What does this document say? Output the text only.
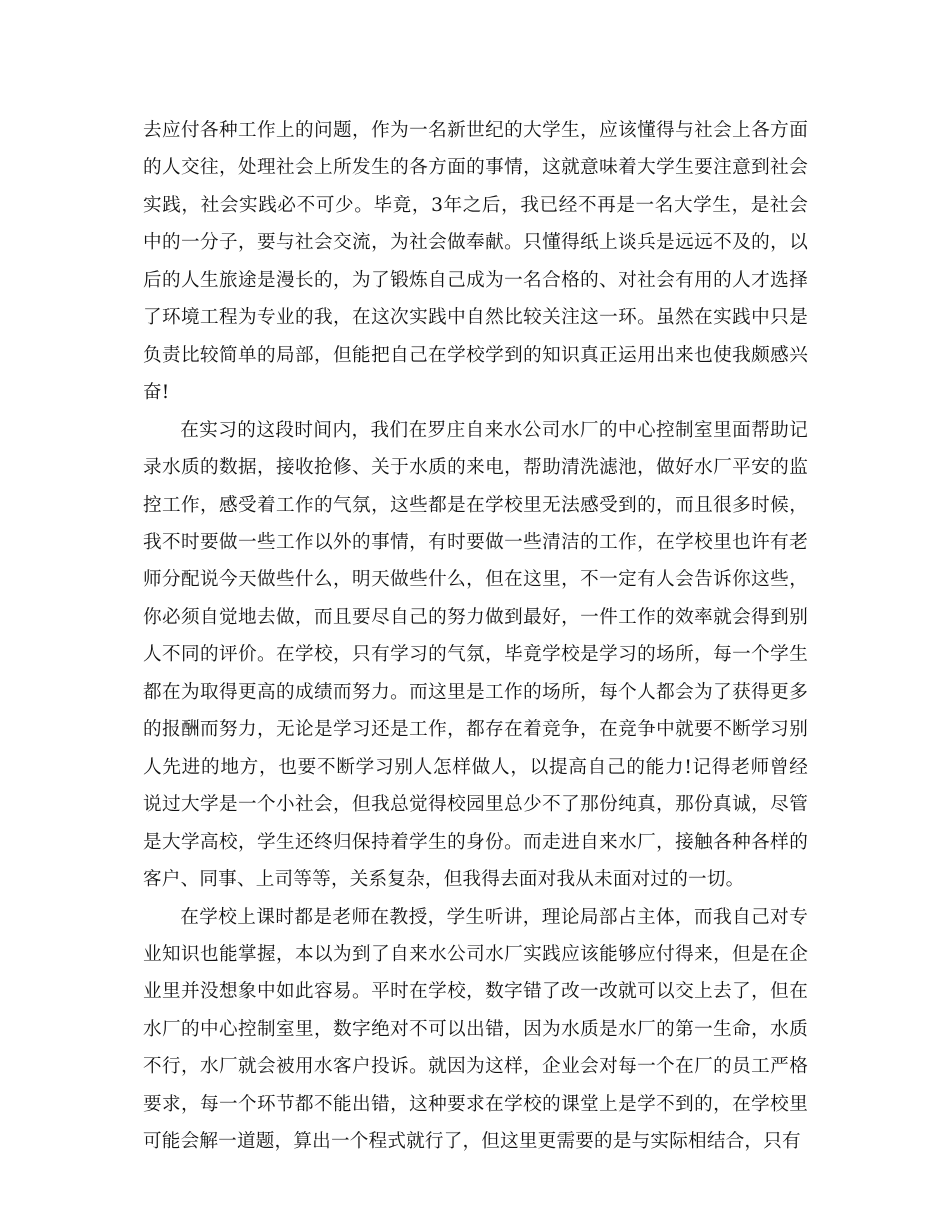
去应付各种工作上的问题，作为一名新世纪的大学生，应该懂得与社会上各方面的人交往，处理社会上所发生的各方面的事情，这就意味着大学生要注意到社会实践，社会实践必不可少。毕竟，3年之后，我已经不再是一名大学生，是社会中的一分子，要与社会交流，为社会做奉献。只懂得纸上谈兵是远远不及的，以后的人生旅途是漫长的，为了锻炼自己成为一名合格的、对社会有用的人才选择了环境工程为专业的我，在这次实践中自然比较关注这一环。虽然在实践中只是负责比较简单的局部，但能把自己在学校学到的知识真正运用出来也使我颇感兴奋!

在实习的这段时间内，我们在罗庄自来水公司水厂的中心控制室里面帮助记录水质的数据，接收抢修、关于水质的来电，帮助清洗滤池，做好水厂平安的监控工作，感受着工作的气氛，这些都是在学校里无法感受到的，而且很多时候，我不时要做一些工作以外的事情，有时要做一些清洁的工作，在学校里也许有老师分配说今天做些什么，明天做些什么，但在这里，不一定有人会告诉你这些，你必须自觉地去做，而且要尽自己的努力做到最好，一件工作的效率就会得到别人不同的评价。在学校，只有学习的气氛，毕竟学校是学习的场所，每一个学生都在为取得更高的成绩而努力。而这里是工作的场所，每个人都会为了获得更多的报酬而努力，无论是学习还是工作，都存在着竞争，在竞争中就要不断学习别人先进的地方，也要不断学习别人怎样做人，以提高自己的能力!记得老师曾经说过大学是一个小社会，但我总觉得校园里总少不了那份纯真，那份真诚，尽管是大学高校，学生还终归保持着学生的身份。而走进自来水厂，接触各种各样的客户、同事、上司等等，关系复杂，但我得去面对我从未面对过的一切。

在学校上课时都是老师在教授，学生听讲，理论局部占主体，而我自己对专业知识也能掌握，本以为到了自来水公司水厂实践应该能够应付得来，但是在企业里并没想象中如此容易。平时在学校，数字错了改一改就可以交上去了，但在水厂的中心控制室里，数字绝对不可以出错，因为水质是水厂的第一生命，水质不行，水厂就会被用水客户投诉。就因为这样，企业会对每一个在厂的员工严格要求，每一个环节都不能出错，这种要求在学校的课堂上是学不到的，在学校里可能会解一道题，算出一个程式就行了，但这里更需要的是与实际相结合，只有
